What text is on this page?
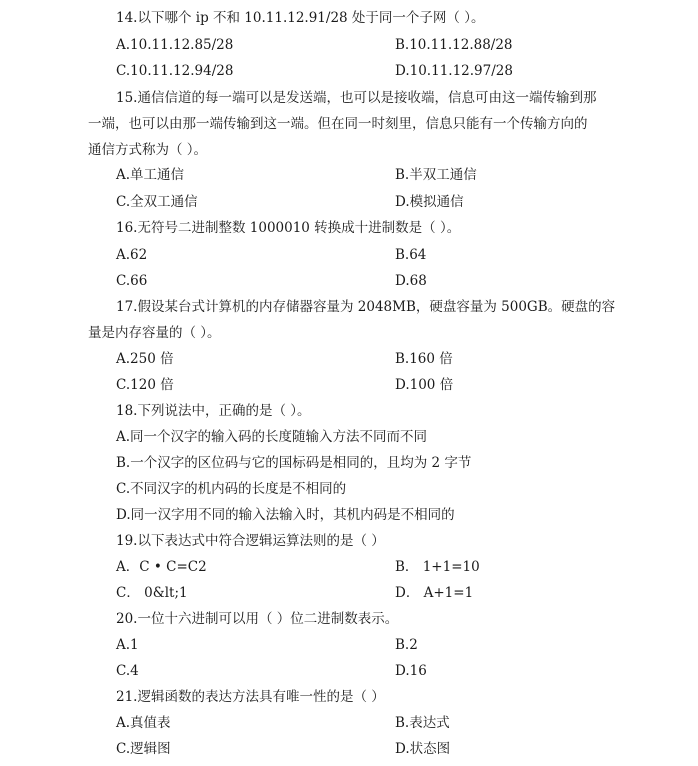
14.以下哪个 ip 不和 10.11.12.91/28 处于同一个子网（ ）。
A.10.11.12.85/28	B.10.11.12.88/28
C.10.11.12.94/28	D.10.11.12.97/28
15.通信信道的每一端可以是发送端，也可以是接收端，信息可由这一端传输到那
一端，也可以由那一端传输到这一端。但在同一时刻里，信息只能有一个传输方向的
通信方式称为（ ）。
A.单工通信	B.半双工通信
C.全双工通信	D.模拟通信
16.无符号二进制整数 1000010 转换成十进制数是（ ）。
A.62	B.64
C.66	D.68
17.假设某台式计算机的内存储器容量为 2048MB，硬盘容量为 500GB。硬盘的容
量是内存容量的（ ）。
A.250 倍	B.160 倍
C.120 倍	D.100 倍
18.下列说法中，正确的是（ ）。
A.同一个汉字的输入码的长度随输入方法不同而不同
B.一个汉字的区位码与它的国标码是相同的，且均为 2 字节
C.不同汉字的机内码的长度是不相同的
D.同一汉字用不同的输入法输入时，其机内码是不相同的
19.以下表达式中符合逻辑运算法则的是（ ）
A．C • C=C2	B． 1+1=10
C． 0&lt;1	D． A+1=1
20.一位十六进制可以用（ ）位二进制数表示。
A.1	B.2
C.4	D.16
21.逻辑函数的表达方法具有唯一性的是（ ）
A.真值表	B.表达式
C.逻辑图	D.状态图
